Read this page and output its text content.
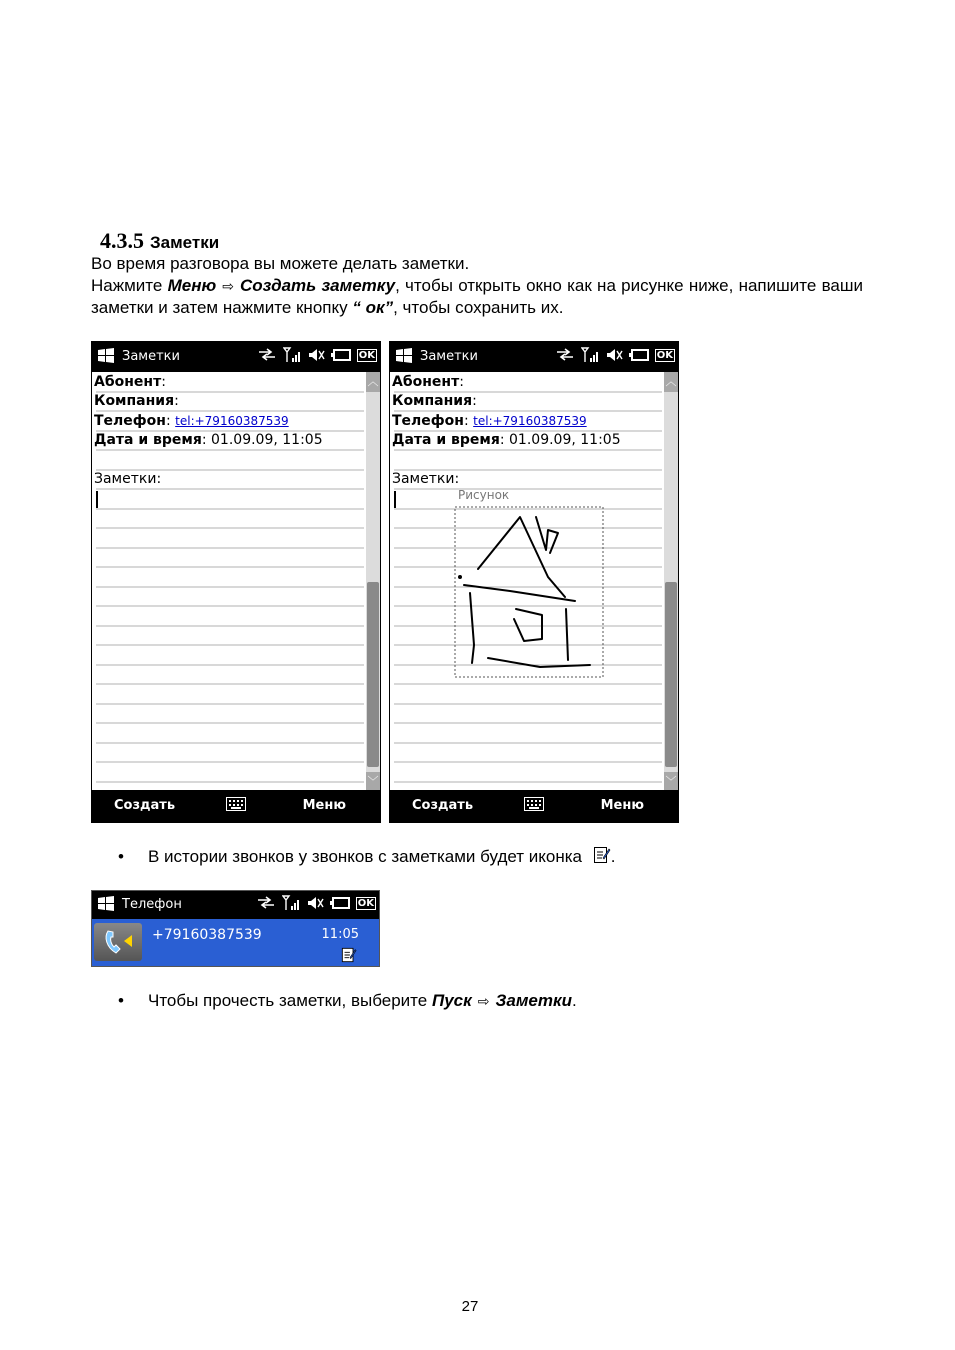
4.3.5 Заметки
Во время разговора вы можете делать заметки.
Нажмите Меню ⇨ Создать заметку, чтобы открыть окно как на рисунке ниже, напишите ваши заметки и затем нажмите кнопку “ ок”, чтобы сохранить их.
Заметки	OK
Абонент:
Компания:
Телефон: tel:+79160387539
Дата и время: 01.09.09, 11:05
Заметки:
︿
﹀
Создать	Меню
Заметки	OK
Абонент:
Компания:
Телефон: tel:+79160387539
Дата и время: 01.09.09, 11:05
Заметки:
Рисунок
︿
﹀
Создать	Меню
• В истории звонков у звонков с заметками будет иконка .
Телефон	OK
+79160387539	11:05
• Чтобы прочесть заметки, выберите Пуск ⇨ Заметки.
27
